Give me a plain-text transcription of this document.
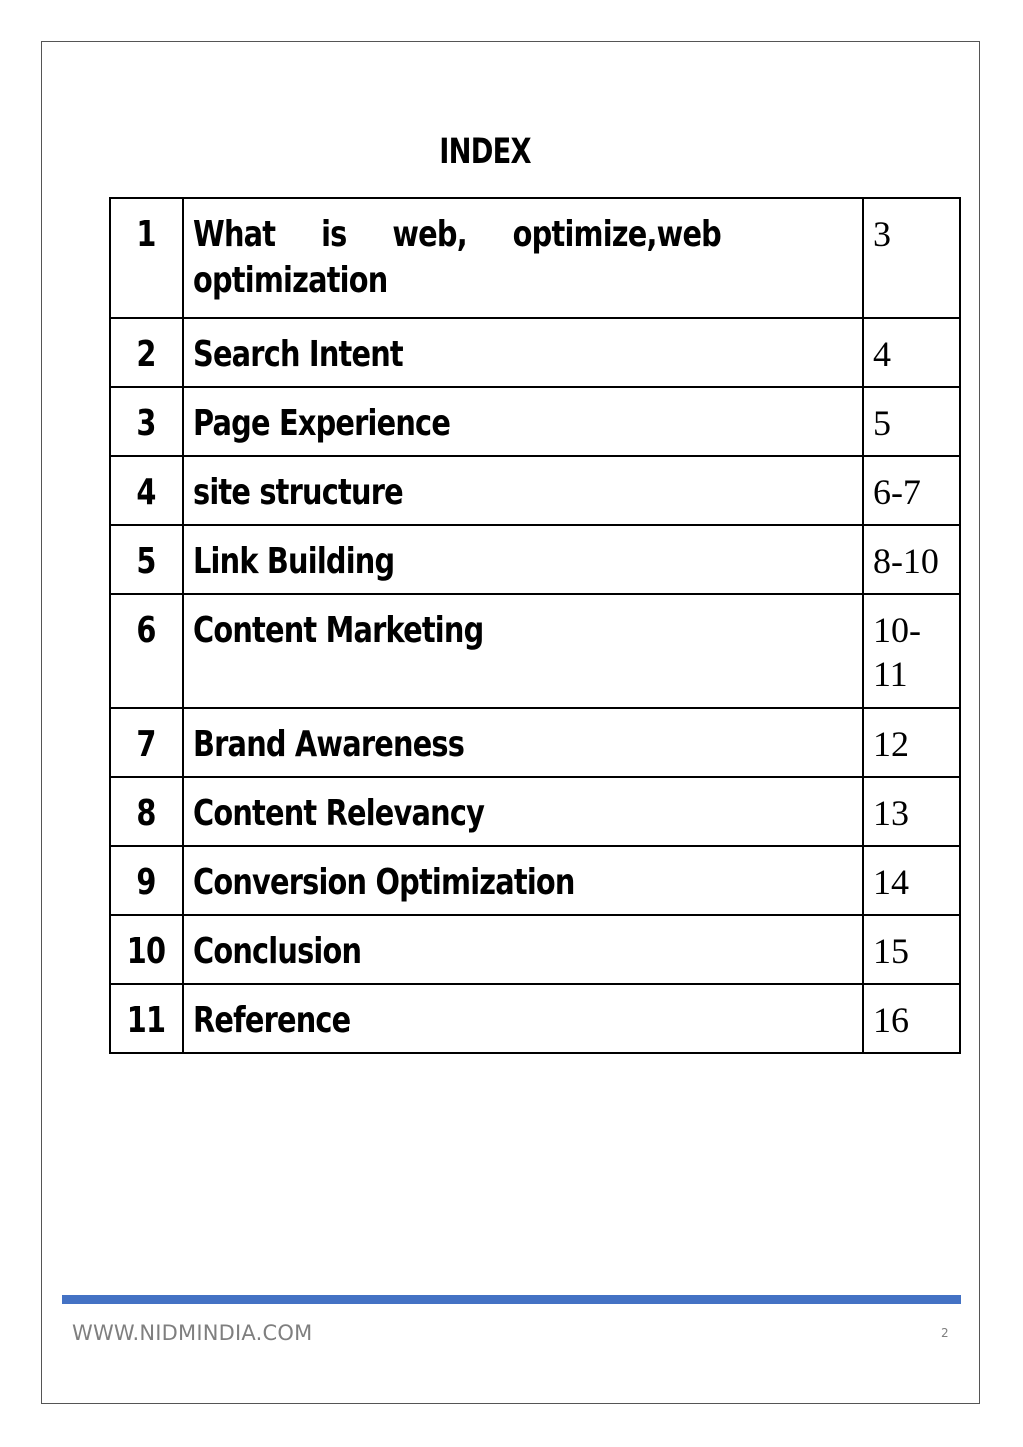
INDEX
1	What is web, optimize,web optimization	3

2	Search Intent	4

3	Page Experience	5

4	site structure	6-7

5	Link Building	8-10

6	Content Marketing	10-11

7	Brand Awareness	12

8	Content Relevancy	13

9	Conversion Optimization	14

10	Conclusion	15

11	Reference	16
WWW.NIDMINDIA.COM	2
